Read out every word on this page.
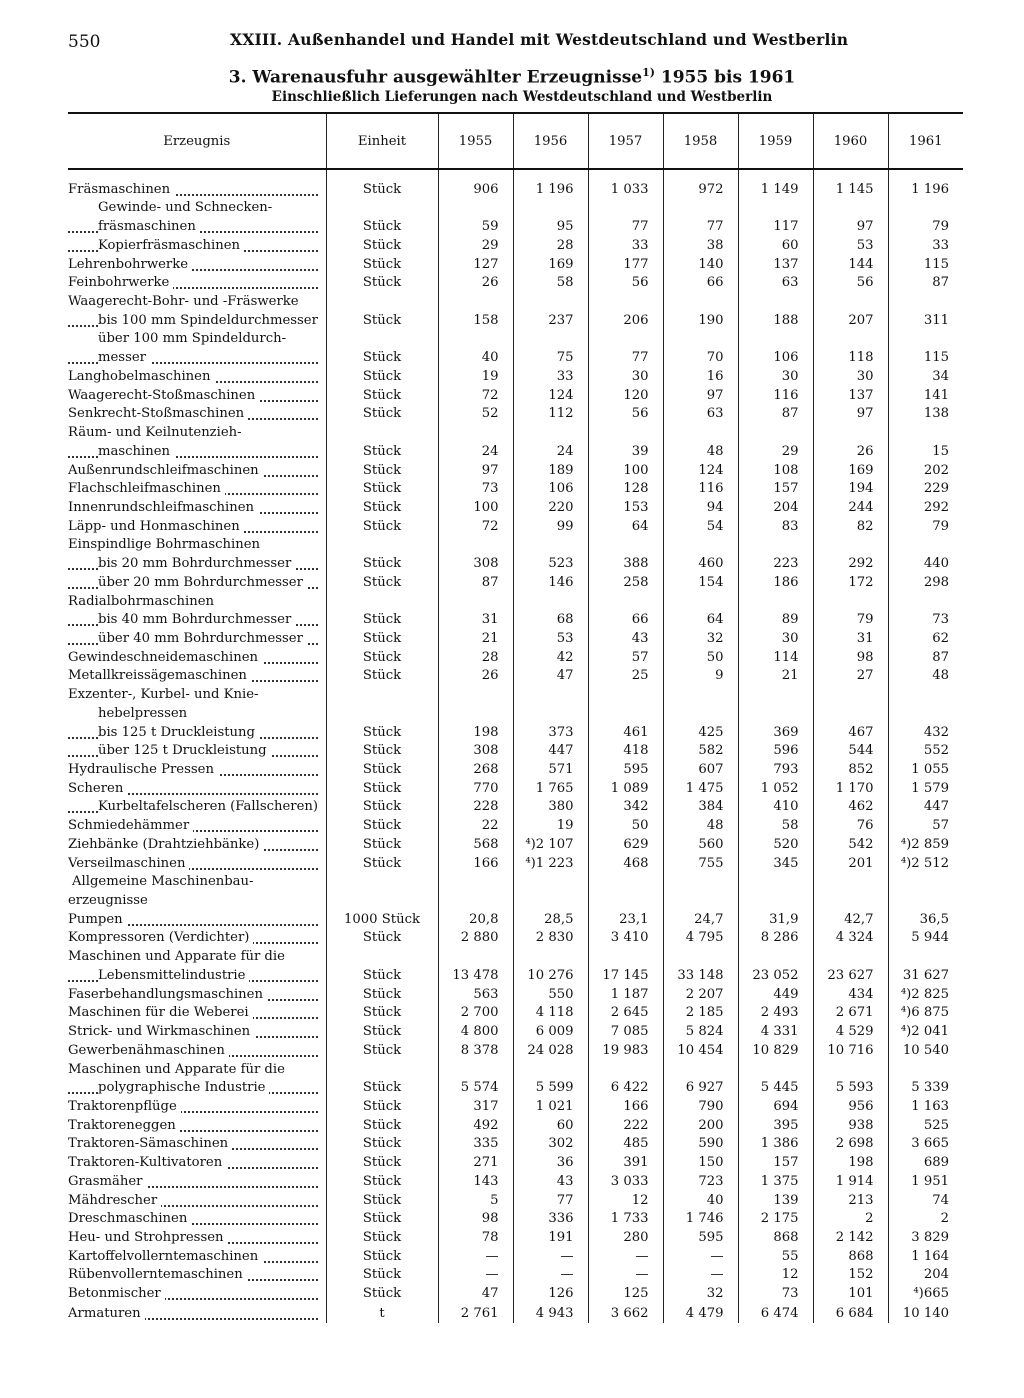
550	XXIII. Außenhandel und Handel mit Westdeutschland und Westberlin
3. Warenausfuhr ausgewählter Erzeugnisse$^{1)}$ 1955 bis 1961
Einschließlich Lieferungen nach Westdeutschland und Westberlin
Erzeugnis	Einheit	1955	1956	1957	1958	1959	1960	1961

Fräsmaschinen	Stück	906	1 196	1 033	972	1 149	1 145	1 196
Gewinde- und Schnecken-								

fräsmaschinen	Stück	59	95	77	77	117	97	79

Kopierfräsmaschinen	Stück	29	28	33	38	60	53	33

Lehrenbohrwerke	Stück	127	169	177	140	137	144	115

Feinbohrwerke	Stück	26	58	56	66	63	56	87
Waagerecht-Bohr- und -Fräswerke								

bis 100 mm Spindeldurchmesser	Stück	158	237	206	190	188	207	311
über 100 mm Spindeldurch-								

messer	Stück	40	75	77	70	106	118	115

Langhobelmaschinen	Stück	19	33	30	16	30	30	34

Waagerecht-Stoßmaschinen	Stück	72	124	120	97	116	137	141

Senkrecht-Stoßmaschinen	Stück	52	112	56	63	87	97	138
Räum- und Keilnutenzieh-								

maschinen	Stück	24	24	39	48	29	26	15

Außenrundschleifmaschinen	Stück	97	189	100	124	108	169	202

Flachschleifmaschinen	Stück	73	106	128	116	157	194	229

Innenrundschleifmaschinen	Stück	100	220	153	94	204	244	292

Läpp- und Honmaschinen	Stück	72	99	64	54	83	82	79
Einspindlige Bohrmaschinen								

bis 20 mm Bohrdurchmesser	Stück	308	523	388	460	223	292	440

über 20 mm Bohrdurchmesser	Stück	87	146	258	154	186	172	298
Radialbohrmaschinen								

bis 40 mm Bohrdurchmesser	Stück	31	68	66	64	89	79	73

über 40 mm Bohrdurchmesser	Stück	21	53	43	32	30	31	62

Gewindeschneidemaschinen	Stück	28	42	57	50	114	98	87

Metallkreissägemaschinen	Stück	26	47	25	9	21	27	48
Exzenter-, Kurbel- und Knie-								
hebelpressen								

bis 125 t Druckleistung	Stück	198	373	461	425	369	467	432

über 125 t Druckleistung	Stück	308	447	418	582	596	544	552

Hydraulische Pressen	Stück	268	571	595	607	793	852	1 055

Scheren	Stück	770	1 765	1 089	1 475	1 052	1 170	1 579

Kurbeltafelscheren (Fallscheren)	Stück	228	380	342	384	410	462	447

Schmiedehämmer	Stück	22	19	50	48	58	76	57

Ziehbänke (Drahtziehbänke)	Stück	568	⁴)2 107	629	560	520	542	⁴)2 859

Verseilmaschinen	Stück	166	⁴)1 223	468	755	345	201	⁴)2 512
Allgemeine Maschinenbau-								
erzeugnisse								

Pumpen	1000 Stück	20,8	28,5	23,1	24,7	31,9	42,7	36,5

Kompressoren (Verdichter)	Stück	2 880	2 830	3 410	4 795	8 286	4 324	5 944
Maschinen und Apparate für die								

Lebensmittelindustrie	Stück	13 478	10 276	17 145	33 148	23 052	23 627	31 627

Faserbehandlungsmaschinen	Stück	563	550	1 187	2 207	449	434	⁴)2 825

Maschinen für die Weberei	Stück	2 700	4 118	2 645	2 185	2 493	2 671	⁴)6 875

Strick- und Wirkmaschinen	Stück	4 800	6 009	7 085	5 824	4 331	4 529	⁴)2 041

Gewerbenähmaschinen	Stück	8 378	24 028	19 983	10 454	10 829	10 716	10 540
Maschinen und Apparate für die								

polygraphische Industrie	Stück	5 574	5 599	6 422	6 927	5 445	5 593	5 339

Traktorenpflüge	Stück	317	1 021	166	790	694	956	1 163

Traktoreneggen	Stück	492	60	222	200	395	938	525

Traktoren-Sämaschinen	Stück	335	302	485	590	1 386	2 698	3 665

Traktoren-Kultivatoren	Stück	271	36	391	150	157	198	689

Grasmäher	Stück	143	43	3 033	723	1 375	1 914	1 951

Mähdrescher	Stück	5	77	12	40	139	213	74

Dreschmaschinen	Stück	98	336	1 733	1 746	2 175	2	2

Heu- und Strohpressen	Stück	78	191	280	595	868	2 142	3 829

Kartoffelvollerntemaschinen	Stück	—	—	—	—	55	868	1 164

Rübenvollerntemaschinen	Stück	—	—	—	—	12	152	204

Betonmischer	Stück	47	126	125	32	73	101	⁴)665

Armaturen	t	2 761	4 943	3 662	4 479	6 474	6 684	10 140
